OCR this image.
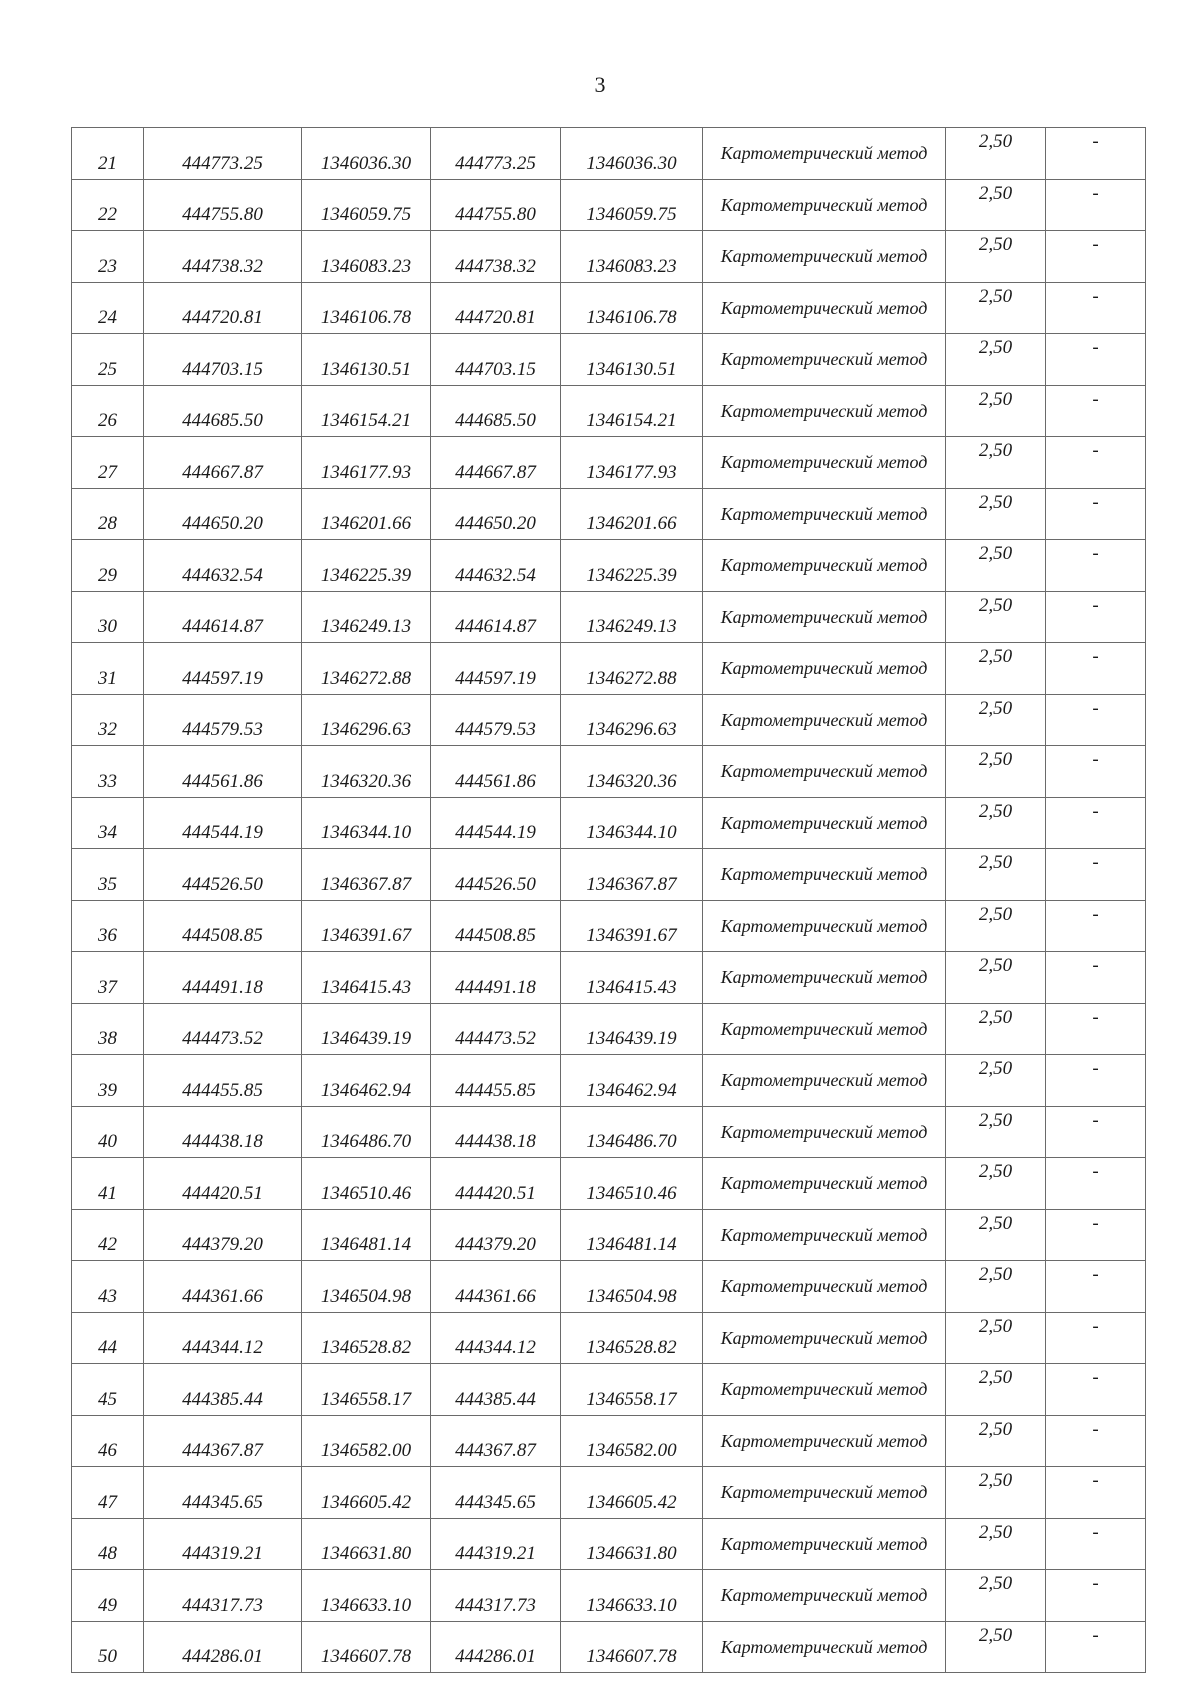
3
21	444773.25	1346036.30	444773.25	1346036.30	Картометрический метод	2,50	-
22	444755.80	1346059.75	444755.80	1346059.75	Картометрический метод	2,50	-
23	444738.32	1346083.23	444738.32	1346083.23	Картометрический метод	2,50	-
24	444720.81	1346106.78	444720.81	1346106.78	Картометрический метод	2,50	-
25	444703.15	1346130.51	444703.15	1346130.51	Картометрический метод	2,50	-
26	444685.50	1346154.21	444685.50	1346154.21	Картометрический метод	2,50	-
27	444667.87	1346177.93	444667.87	1346177.93	Картометрический метод	2,50	-
28	444650.20	1346201.66	444650.20	1346201.66	Картометрический метод	2,50	-
29	444632.54	1346225.39	444632.54	1346225.39	Картометрический метод	2,50	-
30	444614.87	1346249.13	444614.87	1346249.13	Картометрический метод	2,50	-
31	444597.19	1346272.88	444597.19	1346272.88	Картометрический метод	2,50	-
32	444579.53	1346296.63	444579.53	1346296.63	Картометрический метод	2,50	-
33	444561.86	1346320.36	444561.86	1346320.36	Картометрический метод	2,50	-
34	444544.19	1346344.10	444544.19	1346344.10	Картометрический метод	2,50	-
35	444526.50	1346367.87	444526.50	1346367.87	Картометрический метод	2,50	-
36	444508.85	1346391.67	444508.85	1346391.67	Картометрический метод	2,50	-
37	444491.18	1346415.43	444491.18	1346415.43	Картометрический метод	2,50	-
38	444473.52	1346439.19	444473.52	1346439.19	Картометрический метод	2,50	-
39	444455.85	1346462.94	444455.85	1346462.94	Картометрический метод	2,50	-
40	444438.18	1346486.70	444438.18	1346486.70	Картометрический метод	2,50	-
41	444420.51	1346510.46	444420.51	1346510.46	Картометрический метод	2,50	-
42	444379.20	1346481.14	444379.20	1346481.14	Картометрический метод	2,50	-
43	444361.66	1346504.98	444361.66	1346504.98	Картометрический метод	2,50	-
44	444344.12	1346528.82	444344.12	1346528.82	Картометрический метод	2,50	-
45	444385.44	1346558.17	444385.44	1346558.17	Картометрический метод	2,50	-
46	444367.87	1346582.00	444367.87	1346582.00	Картометрический метод	2,50	-
47	444345.65	1346605.42	444345.65	1346605.42	Картометрический метод	2,50	-
48	444319.21	1346631.80	444319.21	1346631.80	Картометрический метод	2,50	-
49	444317.73	1346633.10	444317.73	1346633.10	Картометрический метод	2,50	-
50	444286.01	1346607.78	444286.01	1346607.78	Картометрический метод	2,50	-
